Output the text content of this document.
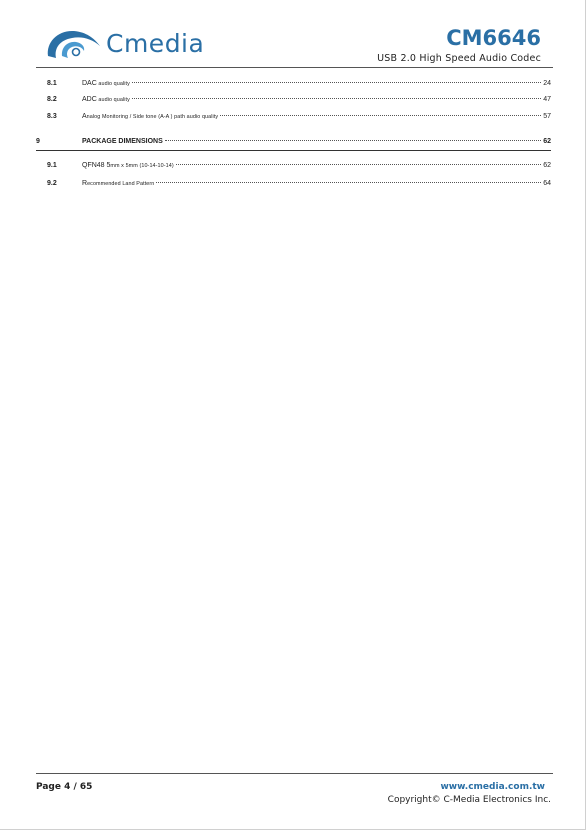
Cmedia	CM6646
USB 2.0 High Speed Audio Codec
8.1	DAC audio quality	24
8.2	ADC audio quality	47
8.3	Analog Monitoring / Side tone (A-A ) path audio quality	57
9	PACKAGE DIMENSIONS	62
9.1	QFN48 5mm x 5mm (10-14-10-14)	62
9.2	Recommended Land Pattern	64
Page 4 / 65	www.cmedia.com.tw
Copyright© C-Media Electronics Inc.
